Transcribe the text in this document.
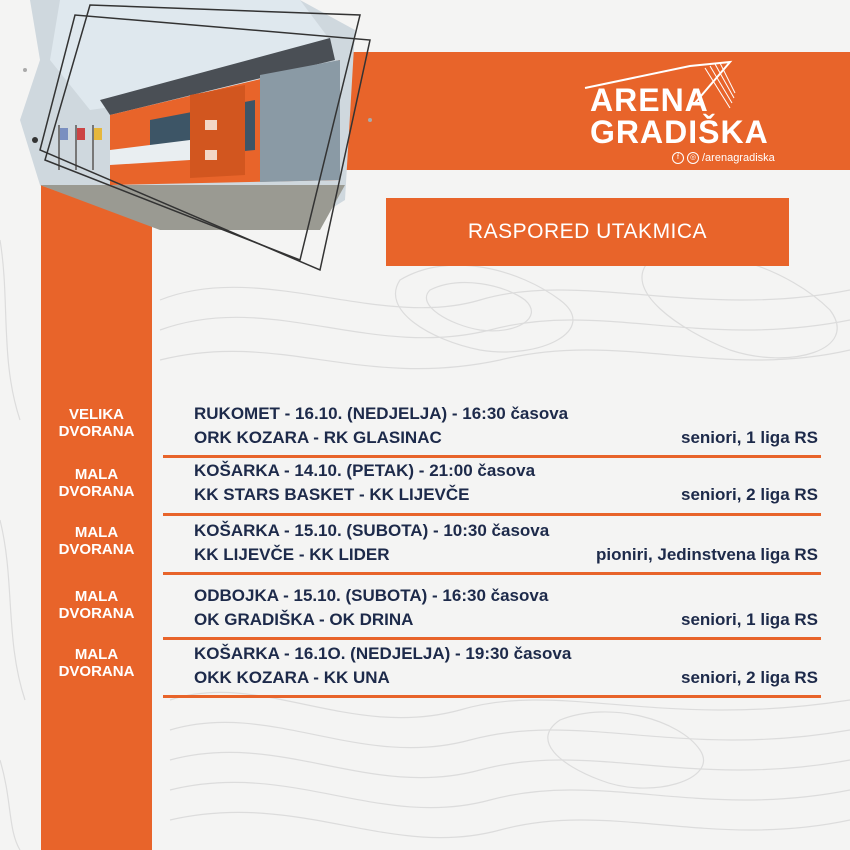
ARENA
GRADIŠKA
f	◎ /arenagradiska
RASPORED UTAKMICA
VELIKA
DVORANA
RUKOMET - 16.10. (NEDJELJA) - 16:30 časova
ORK KOZARA - RK GLASINAC	seniori, 1 liga RS
MALA
DVORANA
KOŠARKA - 14.10. (PETAK) - 21:00 časova
KK STARS BASKET - KK LIJEVČE	seniori, 2 liga RS
MALA
DVORANA
KOŠARKA - 15.10. (SUBOTA) - 10:30 časova
KK LIJEVČE - KK LIDER	pioniri, Jedinstvena liga RS
MALA
DVORANA
ODBOJKA - 15.10. (SUBOTA) - 16:30 časova
OK GRADIŠKA - OK DRINA	seniori, 1 liga RS
MALA
DVORANA
KOŠARKA - 16.1O. (NEDJELJA) - 19:30 časova
OKK KOZARA - KK UNA	seniori, 2 liga RS
